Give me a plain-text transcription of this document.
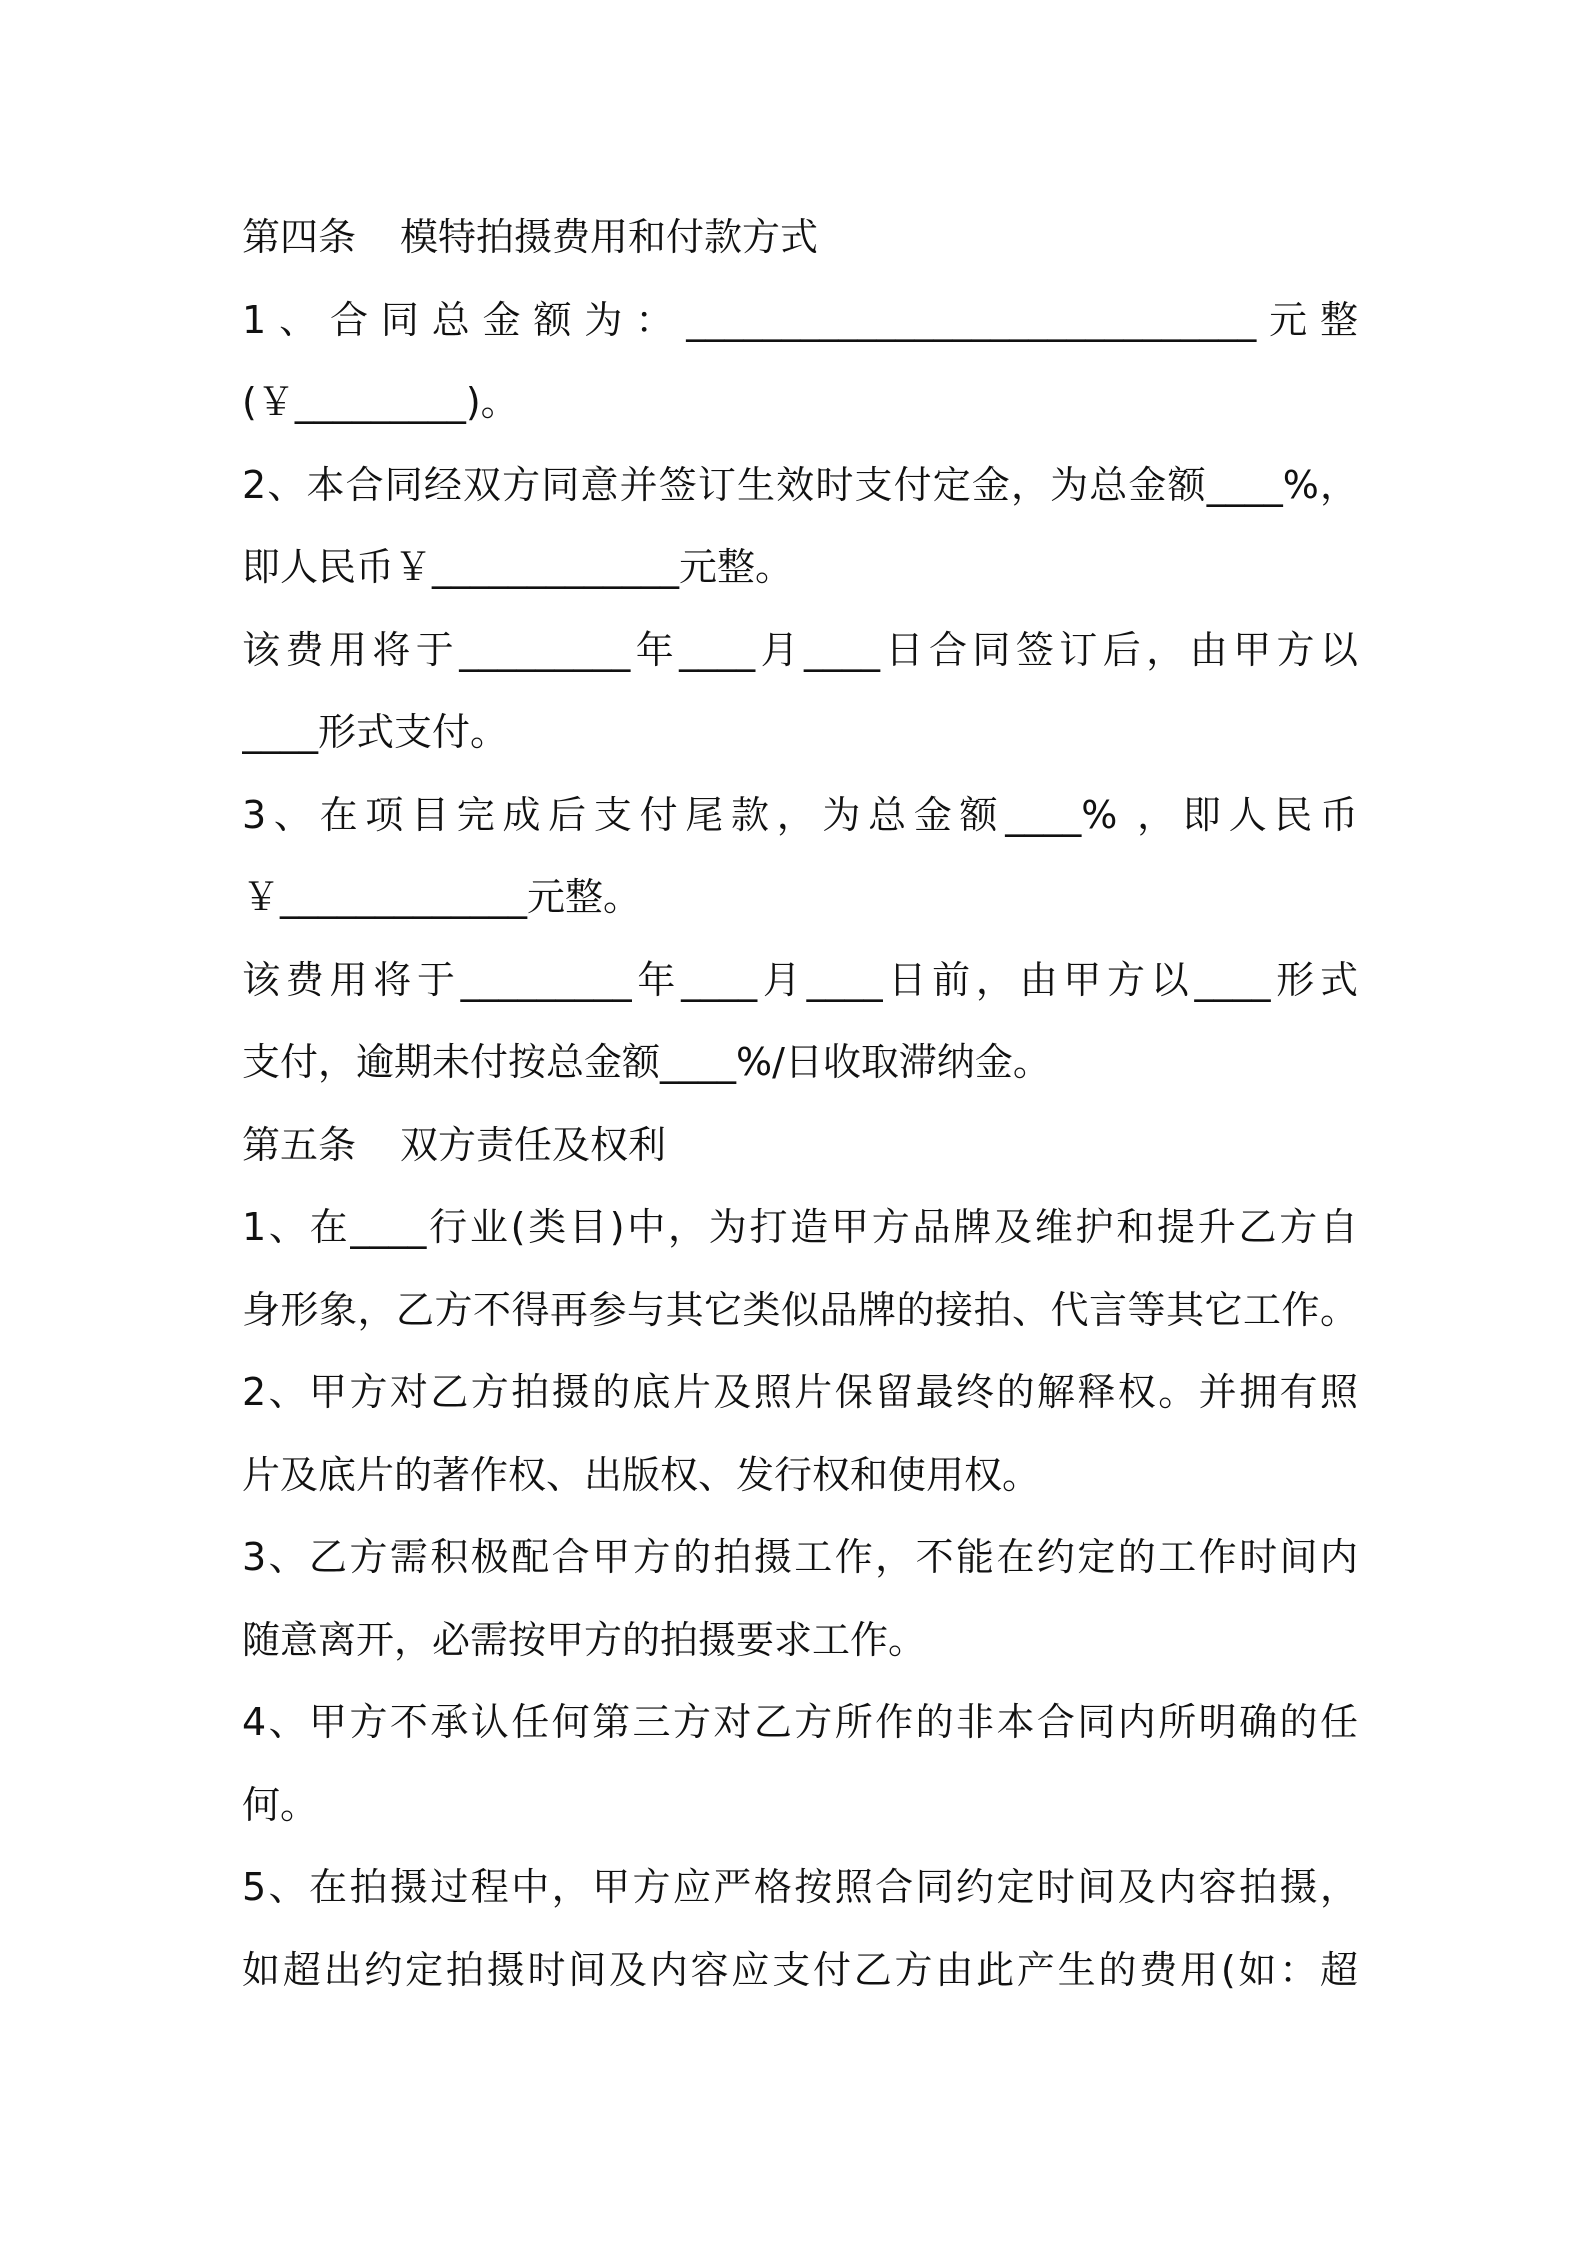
第四条 模特拍摄费用和付款方式
1、合同总金额为：______________________________元整
(￥_________)。
2、本合同经双方同意并签订生效时支付定金，为总金额____%，
即人民币￥_____________元整。
该费用将于_________年____月____日合同签订后，由甲方以
____形式支付。
3、在项目完成后支付尾款，为总金额____% ，即人民币
￥_____________元整。
该费用将于_________年____月____日前，由甲方以____形式
支付，逾期未付按总金额____%/日收取滞纳金。
第五条 双方责任及权利
1、在____行业(类目)中，为打造甲方品牌及维护和提升乙方自
身形象，乙方不得再参与其它类似品牌的接拍、代言等其它工作。
2、甲方对乙方拍摄的底片及照片保留最终的解释权。并拥有照
片及底片的著作权、出版权、发行权和使用权。
3、乙方需积极配合甲方的拍摄工作，不能在约定的工作时间内
随意离开，必需按甲方的拍摄要求工作。
4、甲方不承认任何第三方对乙方所作的非本合同内所明确的任
何。
5、在拍摄过程中，甲方应严格按照合同约定时间及内容拍摄，
如超出约定拍摄时间及内容应支付乙方由此产生的费用(如：超
